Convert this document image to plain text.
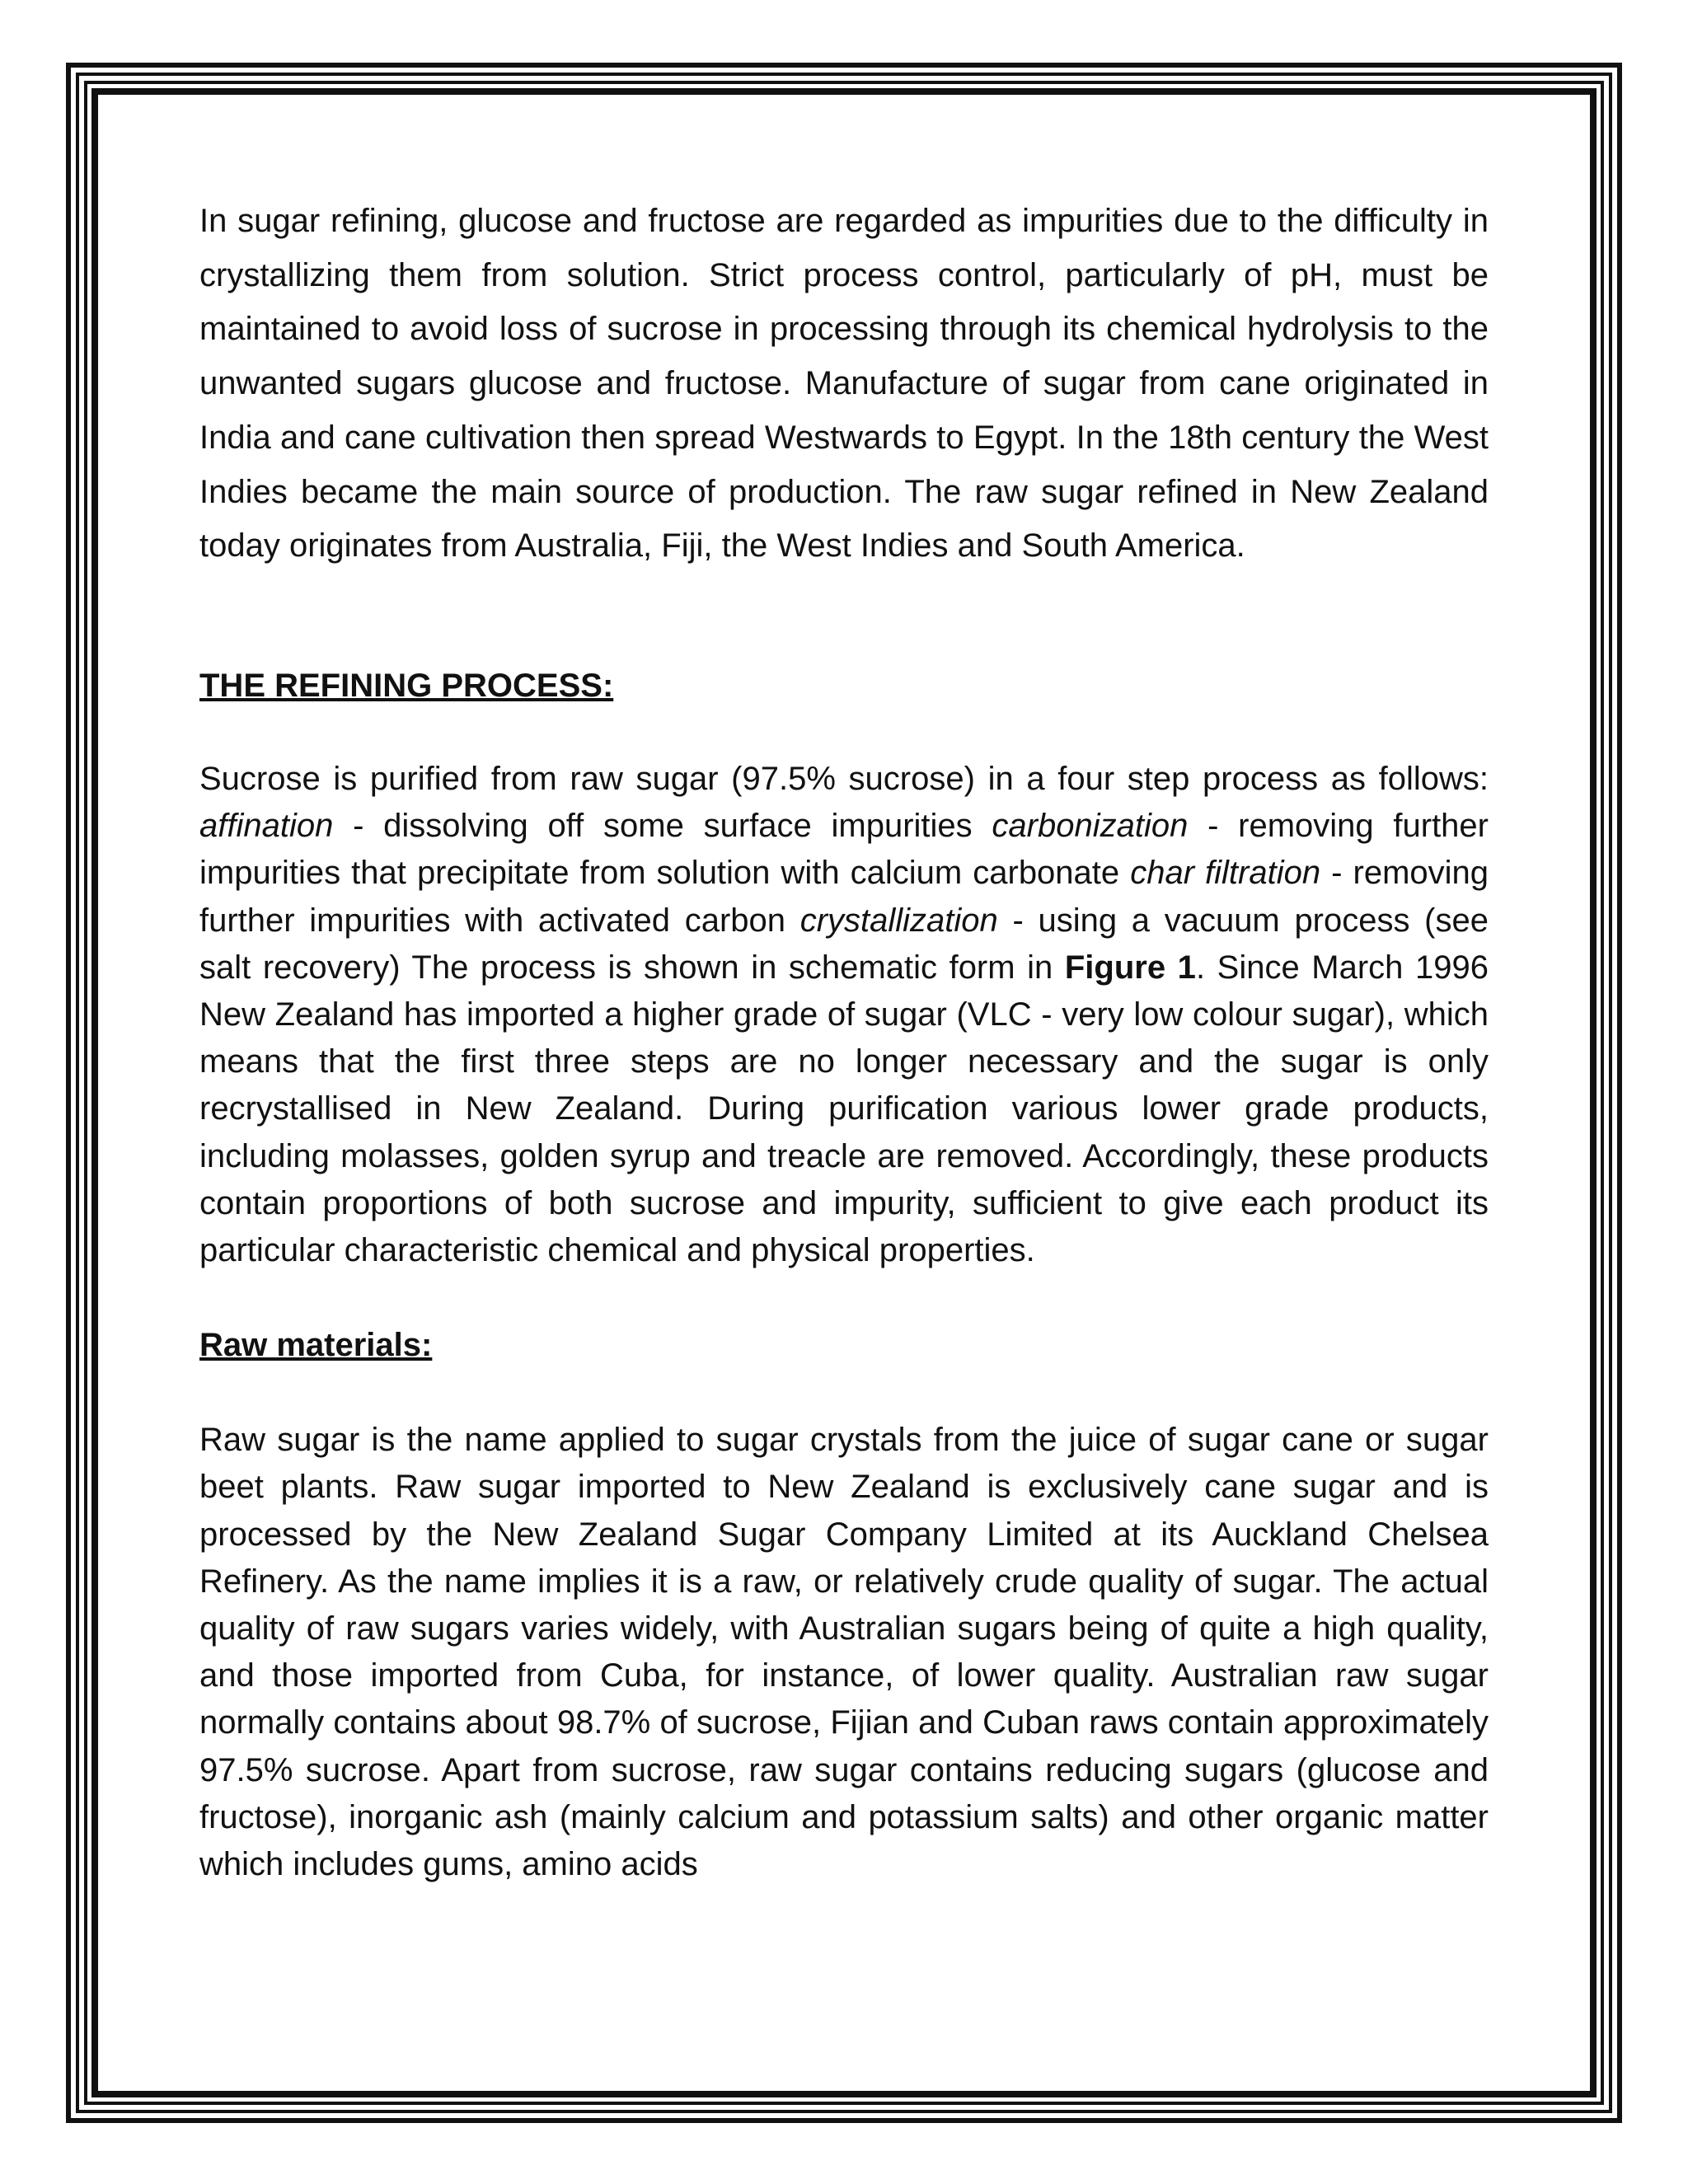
In sugar refining, glucose and fructose are regarded as impurities due to the difficulty in crystallizing them from solution. Strict process control, particularly of pH, must be maintained to avoid loss of sucrose in processing through its chemical hydrolysis to the unwanted sugars glucose and fructose. Manufacture of sugar from cane originated in India and cane cultivation then spread Westwards to Egypt. In the 18th century the West Indies became the main source of production. The raw sugar refined in New Zealand today originates from Australia, Fiji, the West Indies and South America.

THE REFINING PROCESS:

Sucrose is purified from raw sugar (97.5% sucrose) in a four step process as follows: affination - dissolving off some surface impurities carbonization - removing further impurities that precipitate from solution with calcium carbonate char filtration - removing further impurities with activated carbon crystallization - using a vacuum process (see salt recovery) The process is shown in schematic form in Figure 1. Since March 1996 New Zealand has imported a higher grade of sugar (VLC - very low colour sugar), which means that the first three steps are no longer necessary and the sugar is only recrystallised in New Zealand. During purification various lower grade products, including molasses, golden syrup and treacle are removed. Accordingly, these products contain proportions of both sucrose and impurity, sufficient to give each product its particular characteristic chemical and physical properties.

Raw materials:

Raw sugar is the name applied to sugar crystals from the juice of sugar cane or sugar beet plants. Raw sugar imported to New Zealand is exclusively cane sugar and is processed by the New Zealand Sugar Company Limited at its Auckland Chelsea Refinery. As the name implies it is a raw, or relatively crude quality of sugar. The actual quality of raw sugars varies widely, with Australian sugars being of quite a high quality, and those imported from Cuba, for instance, of lower quality. Australian raw sugar normally contains about 98.7% of sucrose, Fijian and Cuban raws contain approximately 97.5% sucrose. Apart from sucrose, raw sugar contains reducing sugars (glucose and fructose), inorganic ash (mainly calcium and potassium salts) and other organic matter which includes gums, amino acids
